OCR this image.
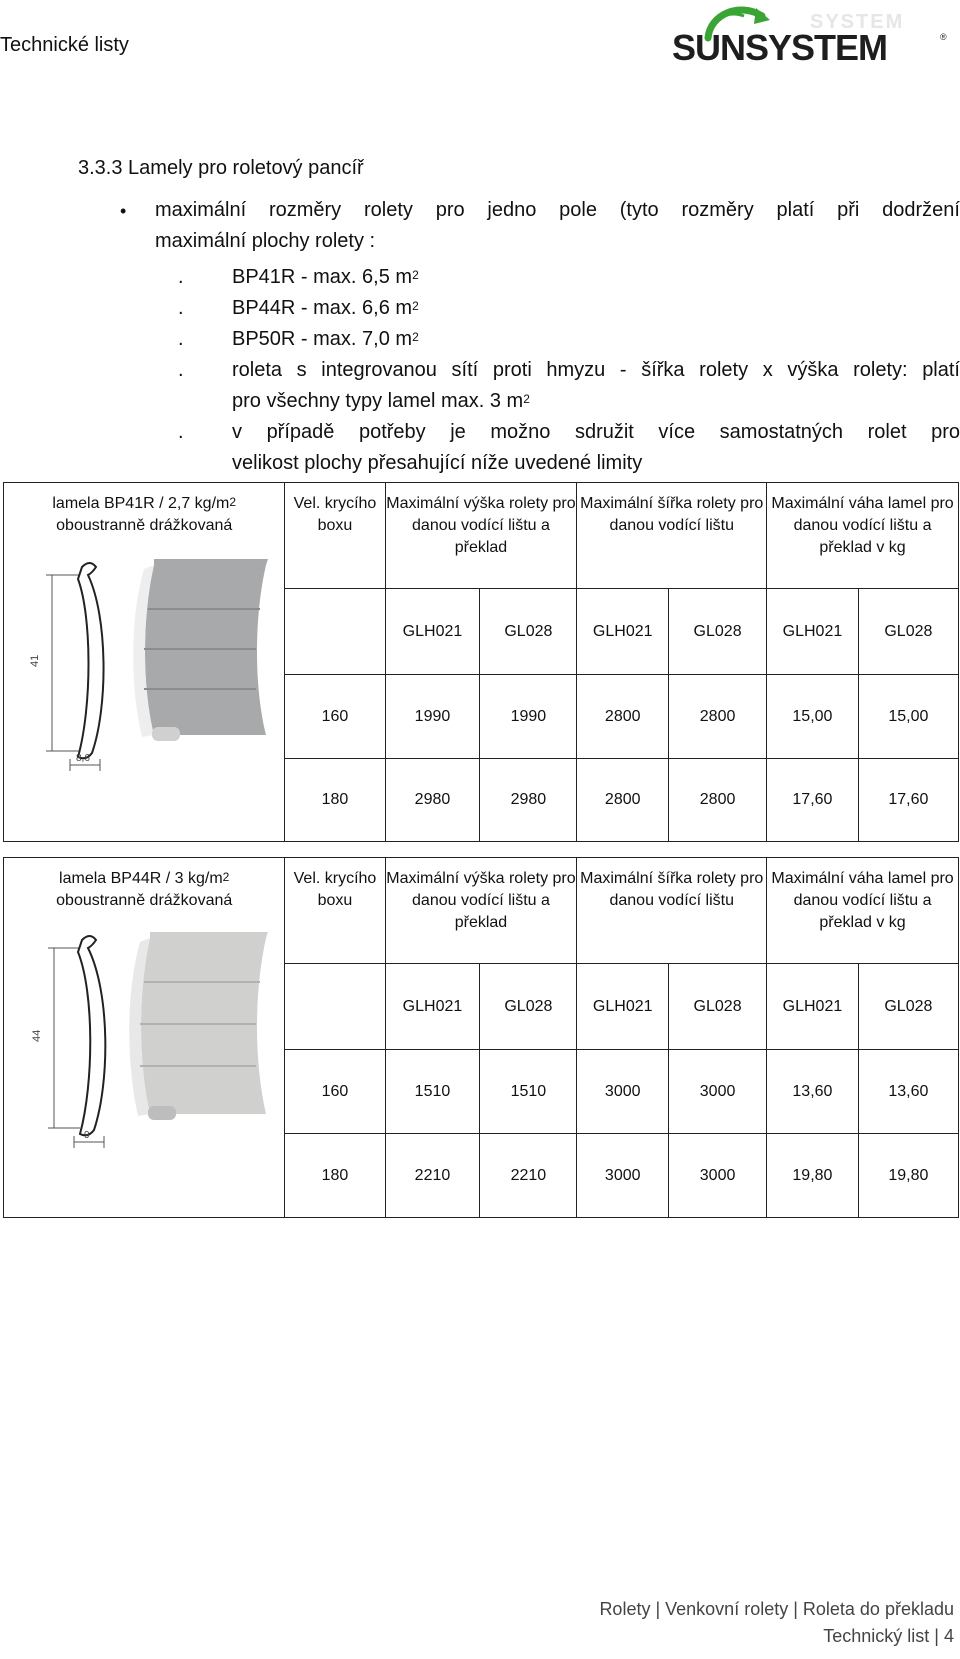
Technické listy
SYSTEM
SUNSYSTEM	®
3.3.3 Lamely pro roletový pancíř
• maximální rozměry rolety pro jedno pole (tyto rozměry platí při dodržení
maximální plochy rolety :
. BP41R - max. 6,5 $m^2$
. BP44R - max. 6,6 $m^2$
. BP50R - max. 7,0 $m^2$
. roleta s integrovanou sítí proti hmyzu - šířka rolety x výška rolety: platí
pro všechny typy lamel max. 3 $m^2$
. v případě potřeby je možno sdružit více samostatných rolet pro
velikost plochy přesahující níže uvedené limity
lamela BP41R / 2,7 $kg/m^2$
oboustranně drážkovaná
41
8,6	Vel. krycího boxu	Maximální výška rolety pro danou vodící lištu a překlad		Maximální šířka rolety pro danou vodící lištu		Maximální váha lamel pro danou vodící lištu a překlad v kg	
		GLH021	GL028	GLH021	GL028	GLH021	GL028
	160	1990	1990	2800	2800	15,00	15,00
	180	2980	2980	2800	2800	17,60	17,60
lamela BP44R / 3 $kg/m^2$
oboustranně drážkovaná
44
9	Vel. krycího boxu	Maximální výška rolety pro danou vodící lištu a překlad		Maximální šířka rolety pro danou vodící lištu		Maximální váha lamel pro danou vodící lištu a překlad v kg	
		GLH021	GL028	GLH021	GL028	GLH021	GL028
	160	1510	1510	3000	3000	13,60	13,60
	180	2210	2210	3000	3000	19,80	19,80
Rolety | Venkovní rolety | Roleta do překladu
Technický list | 4
